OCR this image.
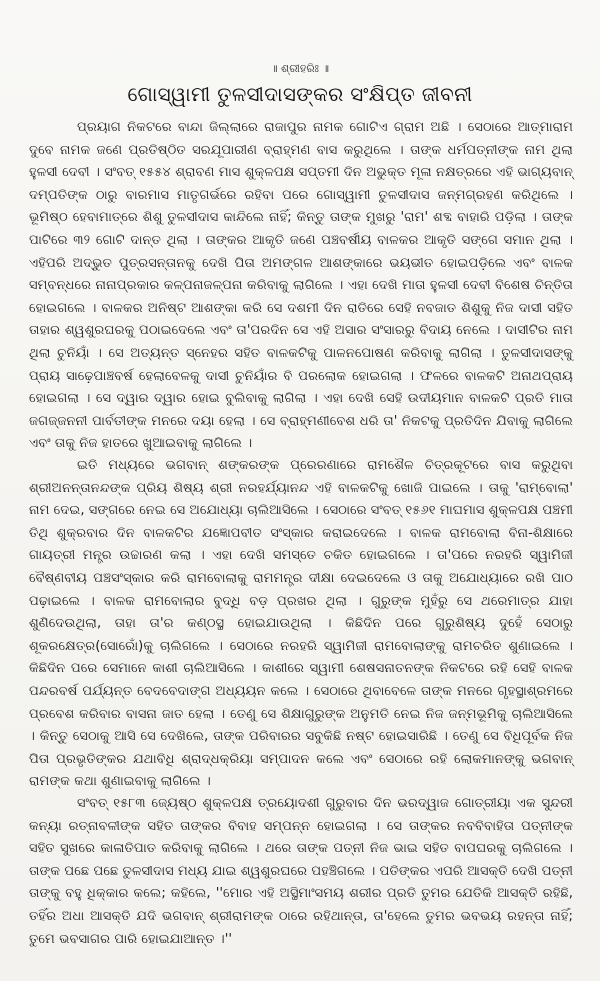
॥ ଶ୍ରୀହରିଃ ॥
ଗୋସ୍ୱାମୀ ତୁଳସୀଦାସଙ୍କର ସଂକ୍ଷିପ୍ତ ଜୀବନୀ

ପ୍ରୟାଗ ନିକଟରେ ବାନ୍ଦା ଜିଲ୍ଲାରେ ରାଜାପୁର ନାମକ ଗୋଟିଏ ଗ୍ରାମ ଅଛି । ସେଠାରେ ଆତ୍ମାରାମ ଦୁବେ ନାମକ ଜଣେ ପ୍ରତିଷ୍ଠିତ ସରଯୂପାରୀଣ ବ୍ରାହ୍ମଣ ବାସ କରୁଥିଲେ । ତାଙ୍କ ଧର୍ମପତ୍ନୀଙ୍କ ନାମ ଥିଲା ହୁଳସୀ ଦେବୀ । ସଂବତ୍ ୧୫୫୪ ଶ୍ରାବଣ ମାସ ଶୁକ୍ଳପକ୍ଷ ସପ୍ତମୀ ଦିନ ଅଭୁକ୍ତ ମୂଳା ନକ୍ଷତ୍ରରେ ଏହି ଭାଗ୍ୟବାନ୍ ଦମ୍ପତିଙ୍କ ଠାରୁ ବାରମାସ ମାତୃଗର୍ଭରେ ରହିବା ପରେ ଗୋସ୍ୱାମୀ ତୁଳସୀଦାସ ଜନ୍ମଗ୍ରହଣ କରିଥିଲେ । ଭୂମିଷ୍ଠ ହେବାମାତ୍ରେ ଶିଶୁ ତୁଳସୀଦାସ କାନ୍ଦିଲେ ନାହିଁ; କିନ୍ତୁ ତାଙ୍କ ମୁଖରୁ 'ରାମ' ଶବ୍ଦ ବାହାରି ପଡ଼ିଲା । ତାଙ୍କ ପାଟିରେ ୩୨ ଗୋଟି ଦାନ୍ତ ଥିଲା । ତାଙ୍କର ଆକୃତି ଜଣେ ପଞ୍ଚବର୍ଷୀୟ ବାଳକର ଆକୃତି ସଙ୍ଗେ ସମାନ ଥିଲା । ଏହିପରି ଅଦ୍ଭୁତ ପୁତ୍ରସନ୍ତାନକୁ ଦେଖି ପିତା ଅମଙ୍ଗଳ ଆଶଙ୍କାରେ ଭୟଭୀତ ହୋଇପଡ଼ିଲେ ଏବଂ ବାଳକ ସମ୍ବନ୍ଧରେ ନାନାପ୍ରକାର କଳ୍ପନାଜଳ୍ପନା କରିବାକୁ ଲାଗିଲେ । ଏହା ଦେଖି ମାତା ହୁଳସୀ ଦେବୀ ବିଶେଷ ଚିନ୍ତିତା ହୋଇଗଲେ । ବାଳକର ଅନିଷ୍ଟ ଆଶଙ୍କା କରି ସେ ଦଶମୀ ଦିନ ରାତିରେ ସେହି ନବଜାତ ଶିଶୁକୁ ନିଜ ଦାସୀ ସହିତ ତାହାର ଶ୍ୱଶୁରଘରକୁ ପଠାଇଦେଲେ ଏବଂ ତା'ପରଦିନ ସେ ଏହି ଅସାର ସଂସାରରୁ ବିଦାୟ ନେଲେ । ଦାସୀଟିର ନାମ ଥିଲା ଚୁନିୟାଁ । ସେ ଅତ୍ୟନ୍ତ ସ୍ନେହର ସହିତ ବାଳକଟିକୁ ପାଳନପୋଷଣ କରିବାକୁ ଲାଗିଲା । ତୁଳସୀଦାସଙ୍କୁ ପ୍ରାୟ ସାଢ଼େପାଞ୍ଚବର୍ଷ ହେଲାବେଳକୁ ଦାସୀ ଚୁନିୟାଁର ବି ପରଲୋକ ହୋଇଗଲା । ଫଳରେ ବାଳକଟି ଅନାଥପ୍ରାୟ ହୋଇଗଲା । ସେ ଦ୍ୱାର ଦ୍ୱାର ହୋଇ ବୁଲିବାକୁ ଲାଗିଲା । ଏହା ଦେଖି ସେହି ଉଦୀୟମାନ ବାଳକଟି ପ୍ରତି ମାତା ଜଗଜ୍ଜନନୀ ପାର୍ବତୀଙ୍କ ମନରେ ଦୟା ହେଲା । ସେ ବ୍ରାହ୍ମଣୀବେଶ ଧରି ତା' ନିକଟକୁ ପ୍ରତିଦିନ ଯିବାକୁ ଲାଗିଲେ ଏବଂ ତାକୁ ନିଜ ହାତରେ ଖୁଆଇବାକୁ ଲାଗିଲେ ।

ଇତି ମଧ୍ୟରେ ଭଗବାନ୍ ଶଙ୍କରଙ୍କ ପ୍ରେରଣାରେ ରାମଶୈଳ ଚିତ୍ରକୂଟରେ ବାସ କରୁଥିବା ଶ୍ରୀଅନନ୍ତାନନ୍ଦଙ୍କ ପ୍ରିୟ ଶିଷ୍ୟ ଶ୍ରୀ ନରହର୍ଯ୍ୟାନନ୍ଦ ଏହି ବାଳକଟିକୁ ଖୋଜି ପାଇଲେ । ତାକୁ 'ରାମ୍‌ବୋଲା' ନାମ ଦେଇ, ସଙ୍ଗରେ ନେଇ ସେ ଅଯୋଧ୍ୟା ଚାଲିଆସିଲେ । ସେଠାରେ ସଂବତ୍ ୧୫୬୧ ମାଘମାସ ଶୁକ୍ଳପକ୍ଷ ପଞ୍ଚମୀ ତିଥି ଶୁକ୍ରବାର ଦିନ ବାଳକଟିର ଯଜ୍ଞୋପବୀତ ସଂସ୍କାର କରାଇଦେଲେ । ବାଳକ ରାମବୋଲା ବିନା-ଶିକ୍ଷାରେ ଗାୟତ୍ରୀ ମନ୍ତ୍ର ଉଚ୍ଚାରଣ କଲା । ଏହା ଦେଖି ସମସ୍ତେ ଚକିତ ହୋଇଗଲେ । ତା'ପରେ ନରହରି ସ୍ୱାମିଜୀ ବୈଷ୍ଣବୀୟ ପଞ୍ଚସଂସ୍କାର କରି ରାମବୋଲାକୁ ରାମମନ୍ତ୍ର ଦୀକ୍ଷା ଦେଇଦେଲେ ଓ ତାକୁ ଅଯୋଧ୍ୟାରେ ରଖି ପାଠ ପଢ଼ାଇଲେ । ବାଳକ ରାମବୋଲାର ବୁଦ୍ଧି ବଡ଼ ପ୍ରଖର ଥିଲା । ଗୁରୁଙ୍କ ମୁହଁରୁ ସେ ଥରେମାତ୍ର ଯାହା ଶୁଣିଦେଉଥିଲା, ତାହା ତା'ର କଣ୍ଠସ୍ଥ ହୋଇଯାଉଥିଲା । କିଛିଦିନ ପରେ ଗୁରୁଶିଷ୍ୟ ଦୁହେଁ ସେଠାରୁ ଶୂକରକ୍ଷେତ୍ର(ସୋରୋଁ)କୁ ଚାଲିଗଲେ । ସେଠାରେ ନରହରି ସ୍ୱାମିଜୀ ରାମବୋଲାଙ୍କୁ ରାମଚରିତ ଶୁଣାଇଲେ । କିଛିଦିନ ପରେ ସେମାନେ କାଶୀ ଚାଲିଆସିଲେ । କାଶୀରେ ସ୍ୱାମୀ ଶେଷସନାତନଙ୍କ ନିକଟରେ ରହି ସେହି ବାଳକ ପନ୍ଦରବର୍ଷ ପର୍ଯ୍ୟନ୍ତ ବେଦବେଦାଙ୍ଗ ଅଧ୍ୟୟନ କଲେ । ସେଠାରେ ଥିବାବେଳେ ତାଙ୍କ ମନରେ ଗୃହସ୍ଥାଶ୍ରମରେ ପ୍ରବେଶ କରିବାର ବାସନା ଜାତ ହେଲା । ତେଣୁ ସେ ଶିକ୍ଷାଗୁରୁଙ୍କ ଅନୁମତି ନେଇ ନିଜ ଜନ୍ମଭୂମିକୁ ଚାଲିଆସିଲେ । କିନ୍ତୁ ସେଠାକୁ ଆସି ସେ ଦେଖିଲେ, ତାଙ୍କ ପରିବାରର ସବୁକିଛି ନଷ୍ଟ ହୋଇସାରିଛି । ତେଣୁ ସେ ବିଧିପୂର୍ବକ ନିଜ ପିତା ପ୍ରଭୃତିଙ୍କର ଯଥାବିଧି ଶ୍ରାଦ୍ଧକ୍ରିୟା ସମ୍ପାଦନ କଲେ ଏବଂ ସେଠାରେ ରହି ଲୋକମାନଙ୍କୁ ଭଗବାନ୍ ରାମଙ୍କ କଥା ଶୁଣାଇବାକୁ ଲାଗିଲେ ।

ସଂବତ୍ ୧୫୮୩ ଜ୍ୟେଷ୍ଠ ଶୁକ୍ଳପକ୍ଷ ତ୍ରୟୋଦଶୀ ଗୁରୁବାର ଦିନ ଭରଦ୍ୱାଜ ଗୋତ୍ରୀୟା ଏକ ସୁନ୍ଦରୀ କନ୍ୟା ରତ୍ନାବଳୀଙ୍କ ସହିତ ତାଙ୍କର ବିବାହ ସମ୍ପନ୍ନ ହୋଇଗଲା । ସେ ତାଙ୍କର ନବବିବାହିତା ପତ୍ନୀଙ୍କ ସହିତ ସୁଖରେ କାଳାତିପାତ କରିବାକୁ ଲାଗିଲେ । ଥରେ ତାଙ୍କ ପତ୍ନୀ ନିଜ ଭାଇ ସହିତ ବାପଘରକୁ ଚାଲିଗଲେ । ତାଙ୍କ ପଛେ ପଛେ ତୁଳସୀଦାସ ମଧ୍ୟ ଯାଇ ଶ୍ୱଶୁରଘରେ ପହଞ୍ଚିଗଲେ । ପତିଙ୍କର ଏପରି ଆସକ୍ତି ଦେଖି ପତ୍ନୀ ତାଙ୍କୁ ବହୁ ଧିକ୍କାର କଲେ; କହିଲେ, ''ମୋର ଏହି ଅସ୍ଥିମାଂସମୟ ଶରୀର ପ୍ରତି ତୁମର ଯେତିକି ଆସକ୍ତି ରହିଛି, ତହିଁର ଅଧା ଆସକ୍ତି ଯଦି ଭଗବାନ୍ ଶ୍ରୀରାମଙ୍କ ଠାରେ ରହିଥାନ୍ତା, ତା'ହେଲେ ତୁମର ଭବଭୟ ରହନ୍ତା ନାହିଁ; ତୁମେ ଭବସାଗର ପାରି ହୋଇଯାଆନ୍ତ ।''
